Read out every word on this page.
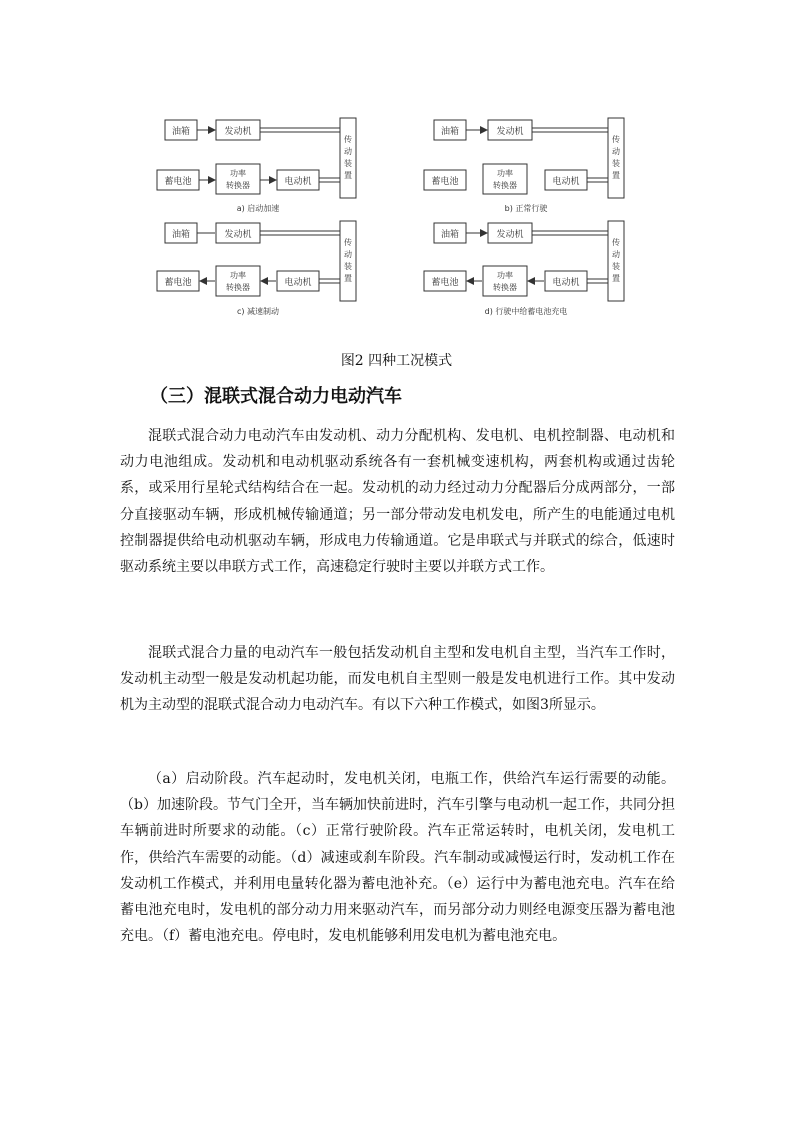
油箱	发动机
蓄电池
功率
转换器	电动机
传
动
装
置
a) 启动加速
油箱	发动机
蓄电池
功率
转换器	电动机
传
动
装
置
b) 正常行驶
油箱	发动机
蓄电池
功率
转换器	电动机
传
动
装
置
c) 减速制动
油箱	发动机
蓄电池
功率
转换器	电动机
传
动
装
置
d) 行驶中给蓄电池充电
图2 四种工况模式
（三）混联式混合动力电动汽车

混联式混合动力电动汽车由发动机、动力分配机构、发电机、电机控制器、电动机和动力电池组成。发动机和电动机驱动系统各有一套机械变速机构，两套机构或通过齿轮系，或采用行星轮式结构结合在一起。发动机的动力经过动力分配器后分成两部分，一部分直接驱动车辆，形成机械传输通道；另一部分带动发电机发电，所产生的电能通过电机控制器提供给电动机驱动车辆，形成电力传输通道。它是串联式与并联式的综合，低速时驱动系统主要以串联方式工作，高速稳定行驶时主要以并联方式工作。

混联式混合力量的电动汽车一般包括发动机自主型和发电机自主型，当汽车工作时，发动机主动型一般是发动机起功能，而发电机自主型则一般是发电机进行工作。其中发动机为主动型的混联式混合动力电动汽车。有以下六种工作模式，如图3所显示。

（a）启动阶段。汽车起动时，发电机关闭，电瓶工作，供给汽车运行需要的动能。（b）加速阶段。节气门全开，当车辆加快前进时，汽车引擎与电动机一起工作，共同分担车辆前进时所要求的动能。（c）正常行驶阶段。汽车正常运转时，电机关闭，发电机工作，供给汽车需要的动能。（d）减速或刹车阶段。汽车制动或减慢运行时，发动机工作在发动机工作模式，并利用电量转化器为蓄电池补充。（e）运行中为蓄电池充电。汽车在给蓄电池充电时，发电机的部分动力用来驱动汽车，而另部分动力则经电源变压器为蓄电池充电。（f）蓄电池充电。停电时，发电机能够利用发电机为蓄电池充电。
